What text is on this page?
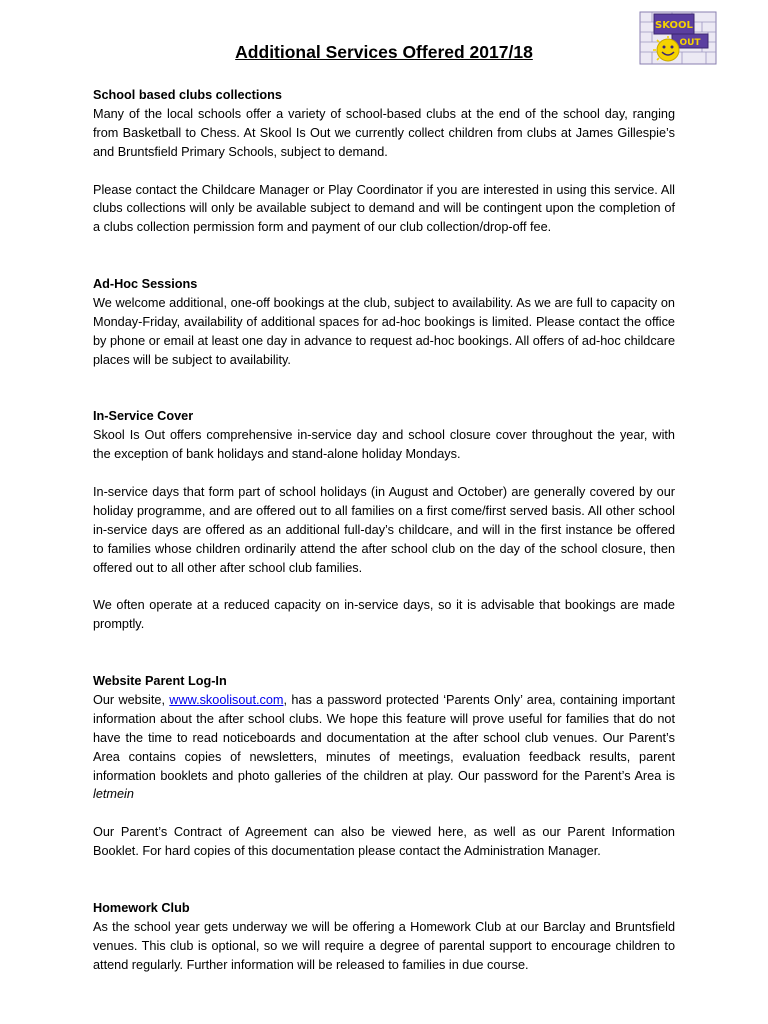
Additional Services Offered 2017/18
SKOOL
OUT

School based clubs collections

Many of the local schools offer a variety of school-based clubs at the end of the school day, ranging from Basketball to Chess. At Skool Is Out we currently collect children from clubs at James Gillespie’s and Bruntsfield Primary Schools, subject to demand.

Please contact the Childcare Manager or Play Coordinator if you are interested in using this service. All clubs collections will only be available subject to demand and will be contingent upon the completion of a clubs collection permission form and payment of our club collection/drop-off fee.

Ad-Hoc Sessions

We welcome additional, one-off bookings at the club, subject to availability. As we are full to capacity on Monday-Friday, availability of additional spaces for ad-hoc bookings is limited. Please contact the office by phone or email at least one day in advance to request ad-hoc bookings. All offers of ad-hoc childcare places will be subject to availability.

In-Service Cover

Skool Is Out offers comprehensive in-service day and school closure cover throughout the year, with the exception of bank holidays and stand-alone holiday Mondays.

In-service days that form part of school holidays (in August and October) are generally covered by our holiday programme, and are offered out to all families on a first come/first served basis. All other school in-service days are offered as an additional full-day’s childcare, and will in the first instance be offered to families whose children ordinarily attend the after school club on the day of the school closure, then offered out to all other after school club families.

We often operate at a reduced capacity on in-service days, so it is advisable that bookings are made promptly.

Website Parent Log-In

Our website, www.skoolisout.com, has a password protected ‘Parents Only’ area, containing important information about the after school clubs. We hope this feature will prove useful for families that do not have the time to read noticeboards and documentation at the after school club venues. Our Parent’s Area contains copies of newsletters, minutes of meetings, evaluation feedback results, parent information booklets and photo galleries of the children at play. Our password for the Parent’s Area is letmein

Our Parent’s Contract of Agreement can also be viewed here, as well as our Parent Information Booklet. For hard copies of this documentation please contact the Administration Manager.

Homework Club

As the school year gets underway we will be offering a Homework Club at our Barclay and Bruntsfield venues. This club is optional, so we will require a degree of parental support to encourage children to attend regularly. Further information will be released to families in due course.
